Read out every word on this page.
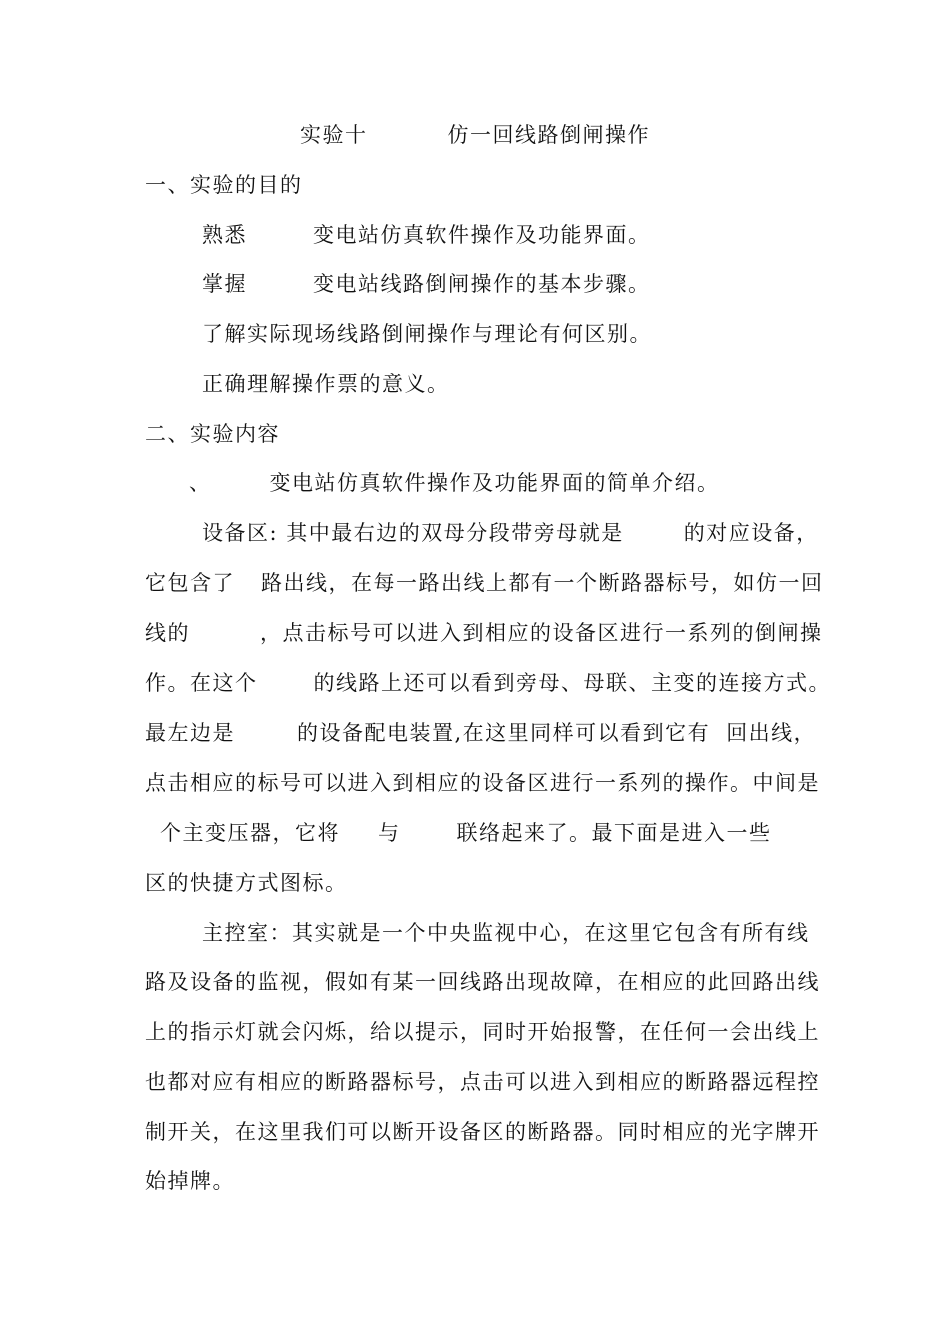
实验十	仿一回线路倒闸操作
一、实验的目的
熟悉	变电站仿真软件操作及功能界面。
掌握	变电站线路倒闸操作的基本步骤。
了解实际现场线路倒闸操作与理论有何区别。
正确理解操作票的意义。
二、实验内容
、	变电站仿真软件操作及功能界面的简单介绍。
设备区: 其中最右边的双母分段带旁母就是	的对应设备，
它包含了 路出线，在每一路出线上都有一个断路器标号，如仿一回
线的	，点击标号可以进入到相应的设备区进行一系列的倒闸操
作。在这个	的线路上还可以看到旁母、母联、主变的连接方式。
最左边是	的设备配电装置,在这里同样可以看到它有 回出线，
点击相应的标号可以进入到相应的设备区进行一系列的操作。中间是
个主变压器，它将 与	联络起来了。最下面是进入一些
区的快捷方式图标。
主控室：其实就是一个中央监视中心，在这里它包含有所有线
路及设备的监视，假如有某一回线路出现故障，在相应的此回路出线
上的指示灯就会闪烁，给以提示，同时开始报警，在任何一会出线上
也都对应有相应的断路器标号，点击可以进入到相应的断路器远程控
制开关，在这里我们可以断开设备区的断路器。同时相应的光字牌开
始掉牌。
